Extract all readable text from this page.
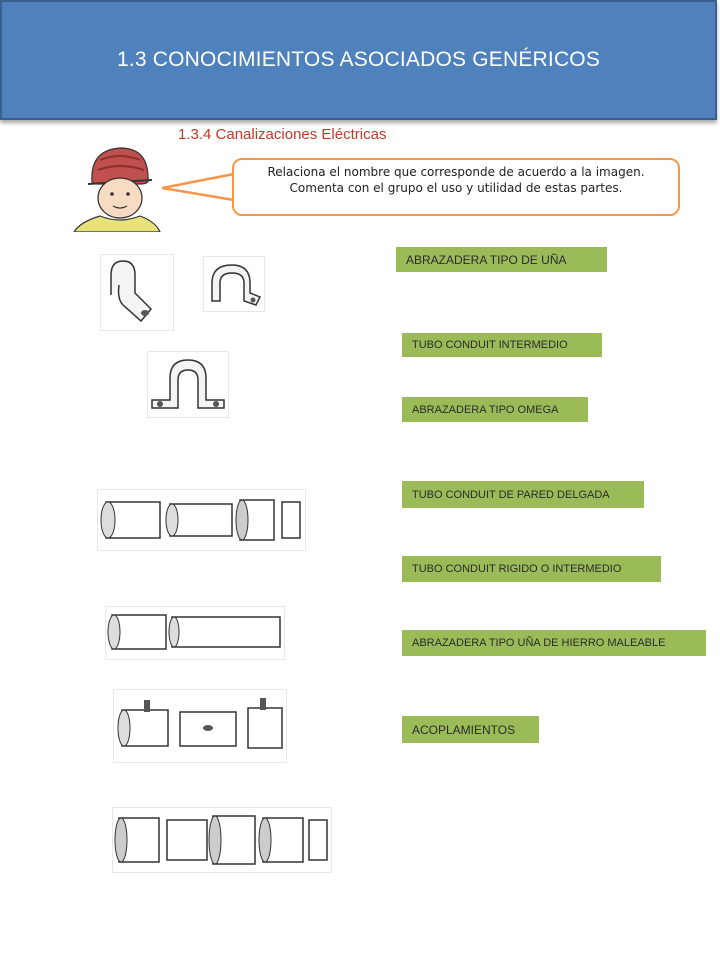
1.3 CONOCIMIENTOS ASOCIADOS GENÉRICOS
1.3.4 Canalizaciones Eléctricas
Relaciona el nombre que corresponde de acuerdo a la imagen. Comenta con el grupo el uso y utilidad de estas partes.
ABRAZADERA TIPO DE UÑA
TUBO CONDUIT INTERMEDIO
ABRAZADERA TIPO OMEGA
TUBO CONDUIT DE PARED DELGADA
TUBO CONDUIT RIGIDO O INTERMEDIO
ABRAZADERA TIPO UÑA DE HIERRO MALEABLE
ACOPLAMIENTOS
